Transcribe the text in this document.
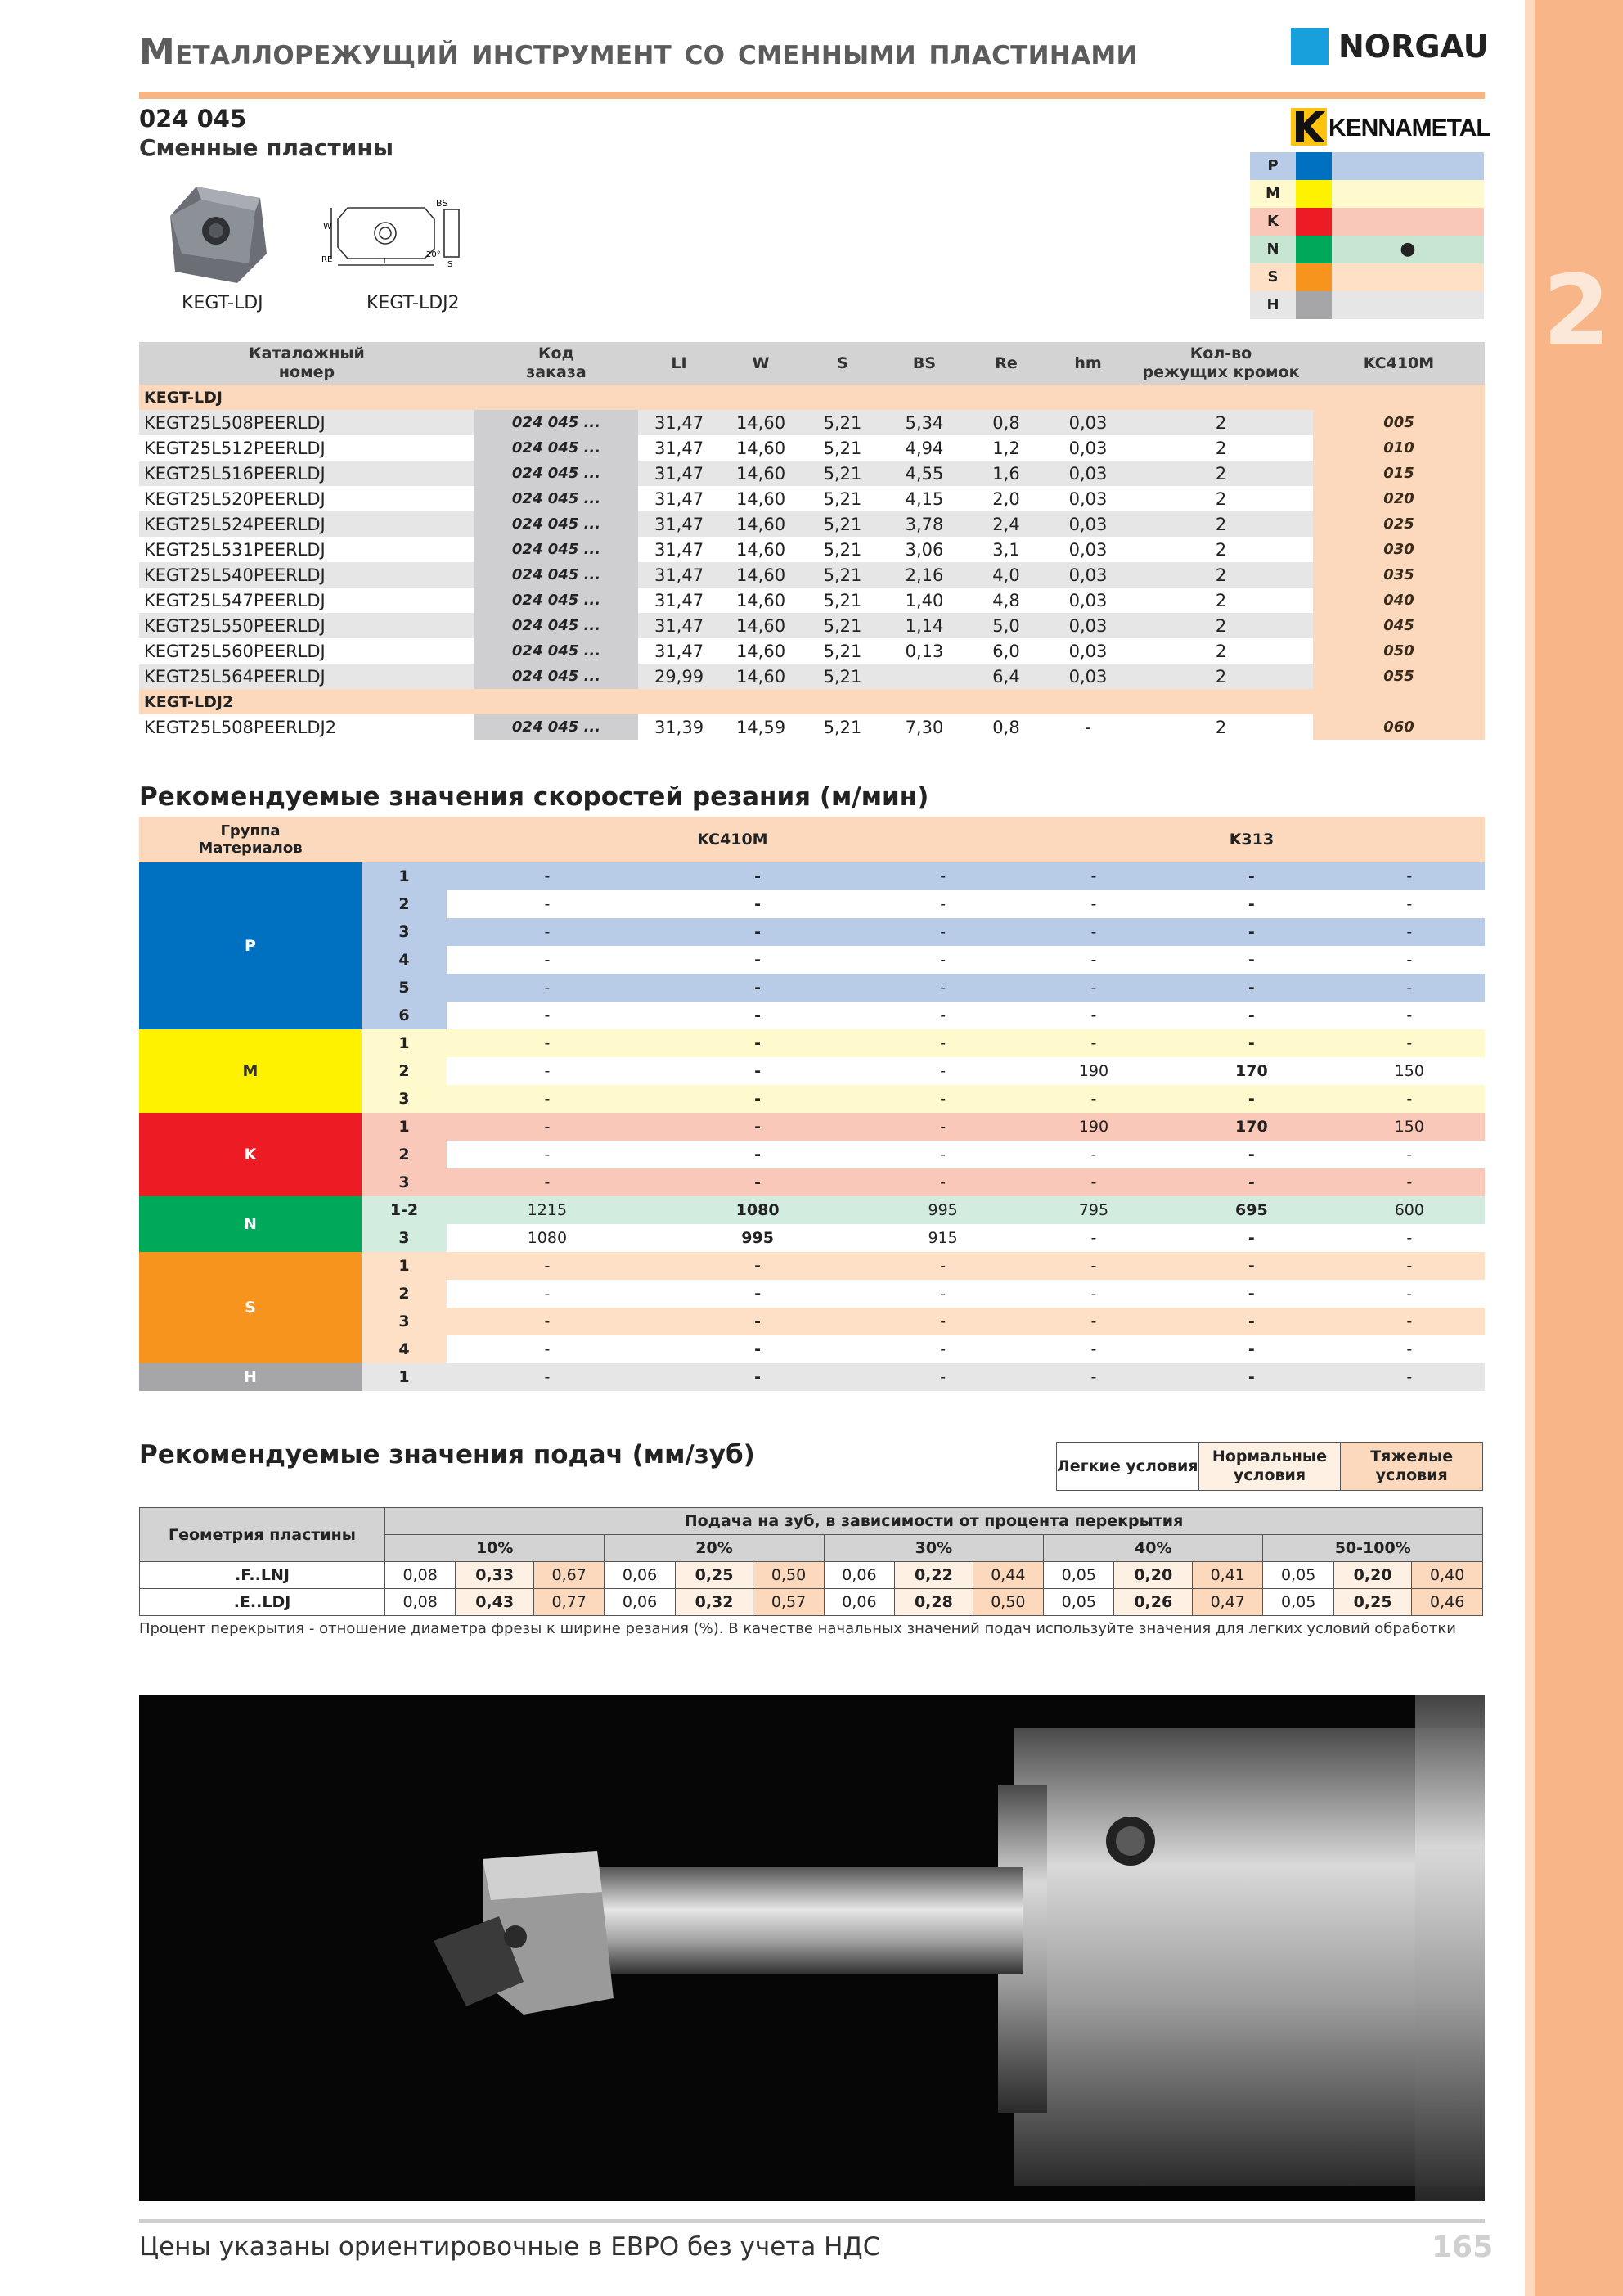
2
Металлорежущий инструмент со сменными пластинами	NORGAU
024 045
Сменные пластины
KEGT-LDJ
W
BS
RE	LI
20°
S
KEGT-LDJ2
KENNAMETAL
P
M
K
N	●
S
H
Каталожный
номер	Код
заказа	LI	W	S	BS	Re	hm	Кол-во
режущих кромок	KC410M
KEGT-LDJ									
KEGT25L508PEERLDJ	024 045 ...	31,47	14,60	5,21	5,34	0,8	0,03	2	005
KEGT25L512PEERLDJ	024 045 ...	31,47	14,60	5,21	4,94	1,2	0,03	2	010
KEGT25L516PEERLDJ	024 045 ...	31,47	14,60	5,21	4,55	1,6	0,03	2	015
KEGT25L520PEERLDJ	024 045 ...	31,47	14,60	5,21	4,15	2,0	0,03	2	020
KEGT25L524PEERLDJ	024 045 ...	31,47	14,60	5,21	3,78	2,4	0,03	2	025
KEGT25L531PEERLDJ	024 045 ...	31,47	14,60	5,21	3,06	3,1	0,03	2	030
KEGT25L540PEERLDJ	024 045 ...	31,47	14,60	5,21	2,16	4,0	0,03	2	035
KEGT25L547PEERLDJ	024 045 ...	31,47	14,60	5,21	1,40	4,8	0,03	2	040
KEGT25L550PEERLDJ	024 045 ...	31,47	14,60	5,21	1,14	5,0	0,03	2	045
KEGT25L560PEERLDJ	024 045 ...	31,47	14,60	5,21	0,13	6,0	0,03	2	050
KEGT25L564PEERLDJ	024 045 ...	29,99	14,60	5,21		6,4	0,03	2	055
KEGT-LDJ2									
KEGT25L508PEERLDJ2	024 045 ...	31,39	14,59	5,21	7,30	0,8	-	2	060
Рекомендуемые значения скоростей резания (м/мин)
Группа
Материалов		KC410M			K313		
P	1	-	-	-	-	-	-
	2	-	-	-	-	-	-
	3	-	-	-	-	-	-
	4	-	-	-	-	-	-
	5	-	-	-	-	-	-
	6	-	-	-	-	-	-
M	1	-	-	-	-	-	-
	2	-	-	-	190	170	150
	3	-	-	-	-	-	-
K	1	-	-	-	190	170	150
	2	-	-	-	-	-	-
	3	-	-	-	-	-	-
N	1-2	1215	1080	995	795	695	600
	3	1080	995	915	-	-	-
S	1	-	-	-	-	-	-
	2	-	-	-	-	-	-
	3	-	-	-	-	-	-
	4	-	-	-	-	-	-
H	1	-	-	-	-	-	-
Рекомендуемые значения подач (мм/зуб)	Легкие условия	Нормальные условия	Тяжелые условия
Геометрия пластины	Подача на зуб, в зависимости от процента перекрытия														
	10%			20%			30%			40%			50-100%		
.F..LNJ	0,08	0,33	0,67	0,06	0,25	0,50	0,06	0,22	0,44	0,05	0,20	0,41	0,05	0,20	0,40
.E..LDJ	0,08	0,43	0,77	0,06	0,32	0,57	0,06	0,28	0,50	0,05	0,26	0,47	0,05	0,25	0,46
Процент перекрытия - отношение диаметра фрезы к ширине резания (%). В качестве начальных значений подач используйте значения для легких условий обработки
Цены указаны ориентировочные в ЕВРО без учета НДС	165
